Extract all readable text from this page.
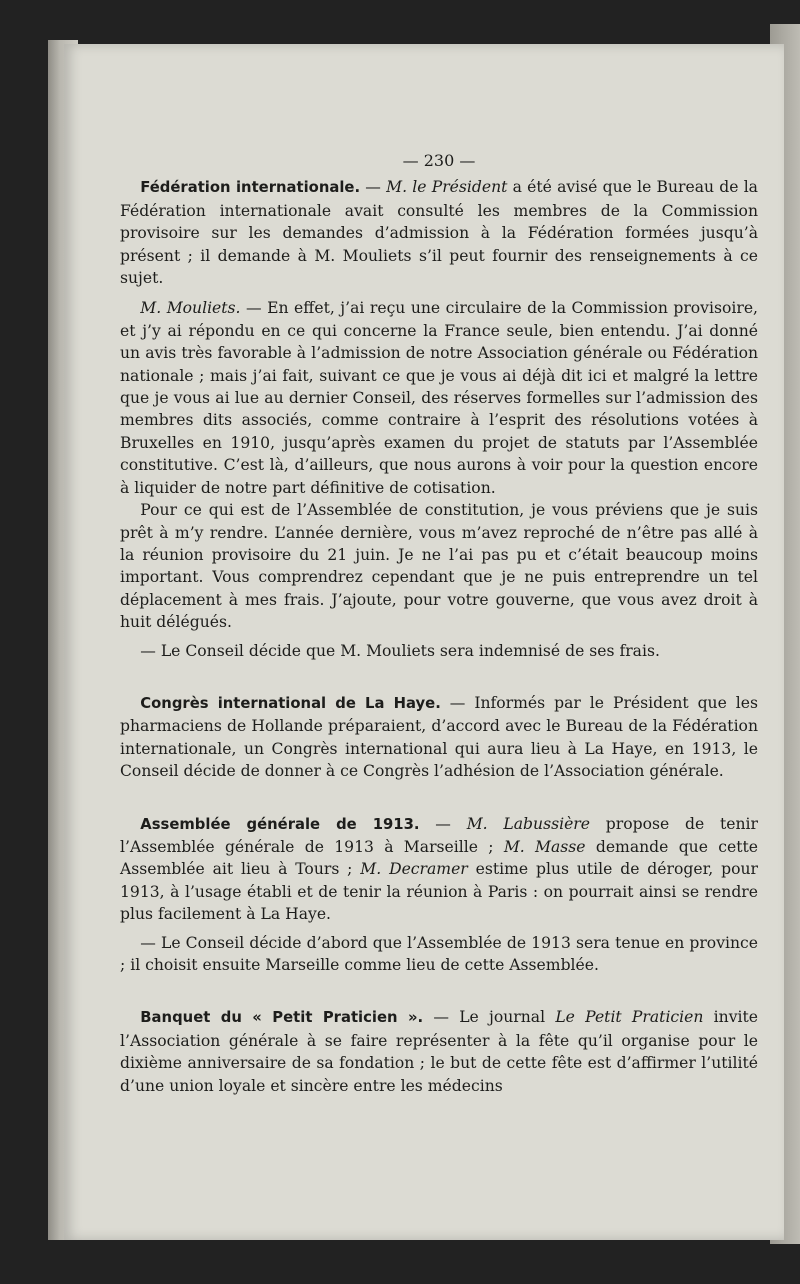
— 230 —

Fédération internationale. — M. le Président a été avisé que le Bureau de la Fédération internationale avait consulté les membres de la Commission provisoire sur les demandes d’admission à la Fédération formées jusqu’à présent ; il demande à M. Mouliets s’il peut fournir des renseignements à ce sujet.

M. Mouliets. — En effet, j’ai reçu une circulaire de la Commission provisoire, et j’y ai répondu en ce qui concerne la France seule, bien entendu. J’ai donné un avis très favorable à l’admission de notre Association générale ou Fédération nationale ; mais j’ai fait, suivant ce que je vous ai déjà dit ici et malgré la lettre que je vous ai lue au dernier Conseil, des réserves formelles sur l’admission des membres dits associés, comme contraire à l’esprit des résolutions votées à Bruxelles en 1910, jusqu’après examen du projet de statuts par l’Assemblée constitutive. C’est là, d’ailleurs, que nous aurons à voir pour la question encore à liquider de notre part définitive de cotisation.

Pour ce qui est de l’Assemblée de constitution, je vous préviens que je suis prêt à m’y rendre. L’année dernière, vous m’avez reproché de n’être pas allé à la réunion provisoire du 21 juin. Je ne l’ai pas pu et c’était beaucoup moins important. Vous comprendrez cependant que je ne puis entreprendre un tel déplacement à mes frais. J’ajoute, pour votre gouverne, que vous avez droit à huit délégués.

— Le Conseil décide que M. Mouliets sera indemnisé de ses frais.

Congrès international de La Haye. — Informés par le Président que les pharmaciens de Hollande préparaient, d’accord avec le Bureau de la Fédération internationale, un Congrès international qui aura lieu à La Haye, en 1913, le Conseil décide de donner à ce Congrès l’adhésion de l’Association générale.

Assemblée générale de 1913. — M. Labussière propose de tenir l’Assemblée générale de 1913 à Marseille ; M. Masse demande que cette Assemblée ait lieu à Tours ; M. Decramer estime plus utile de déroger, pour 1913, à l’usage établi et de tenir la réunion à Paris : on pourrait ainsi se rendre plus facilement à La Haye.

— Le Conseil décide d’abord que l’Assemblée de 1913 sera tenue en province ; il choisit ensuite Marseille comme lieu de cette Assemblée.

Banquet du « Petit Praticien ». — Le journal Le Petit Praticien invite l’Association générale à se faire représenter à la fête qu’il organise pour le dixième anniversaire de sa fondation ; le but de cette fête est d’affirmer l’utilité d’une union loyale et sincère entre les médecins
